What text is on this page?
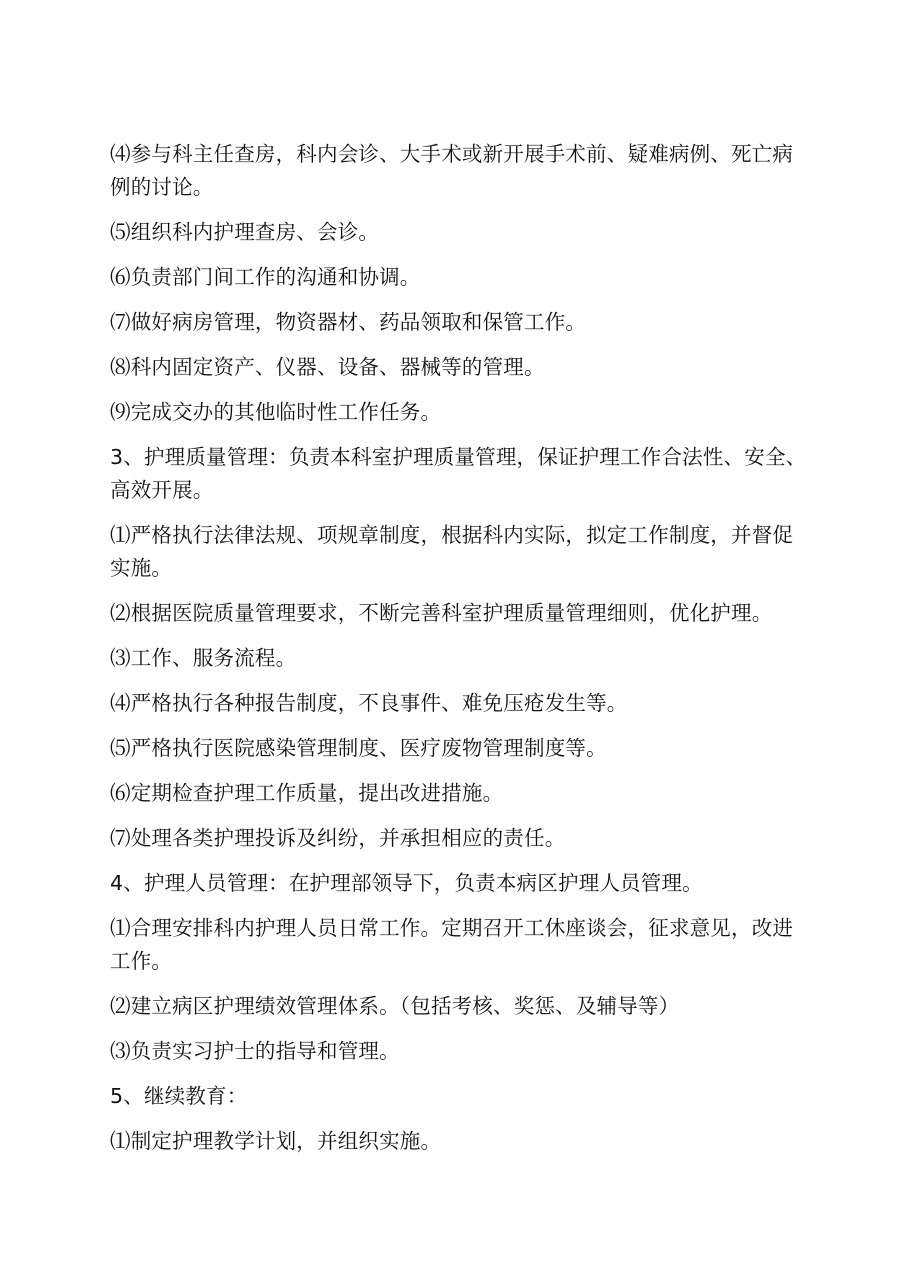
⑷参与科主任查房，科内会诊、大手术或新开展手术前、疑难病例、死亡病例的讨论。

⑸组织科内护理查房、会诊。

⑹负责部门间工作的沟通和协调。

⑺做好病房管理，物资器材、药品领取和保管工作。

⑻科内固定资产、仪器、设备、器械等的管理。

⑼完成交办的其他临时性工作任务。

3、护理质量管理：负责本科室护理质量管理，保证护理工作合法性、安全、高效开展。

⑴严格执行法律法规、项规章制度，根据科内实际，拟定工作制度，并督促实施。

⑵根据医院质量管理要求，不断完善科室护理质量管理细则，优化护理。

⑶工作、服务流程。

⑷严格执行各种报告制度，不良事件、难免压疮发生等。

⑸严格执行医院感染管理制度、医疗废物管理制度等。

⑹定期检查护理工作质量，提出改进措施。

⑺处理各类护理投诉及纠纷，并承担相应的责任。

4、护理人员管理：在护理部领导下，负责本病区护理人员管理。

⑴合理安排科内护理人员日常工作。定期召开工休座谈会，征求意见，改进工作。

⑵建立病区护理绩效管理体系。（包括考核、奖惩、及辅导等）

⑶负责实习护士的指导和管理。

5、继续教育：

⑴制定护理教学计划，并组织实施。
